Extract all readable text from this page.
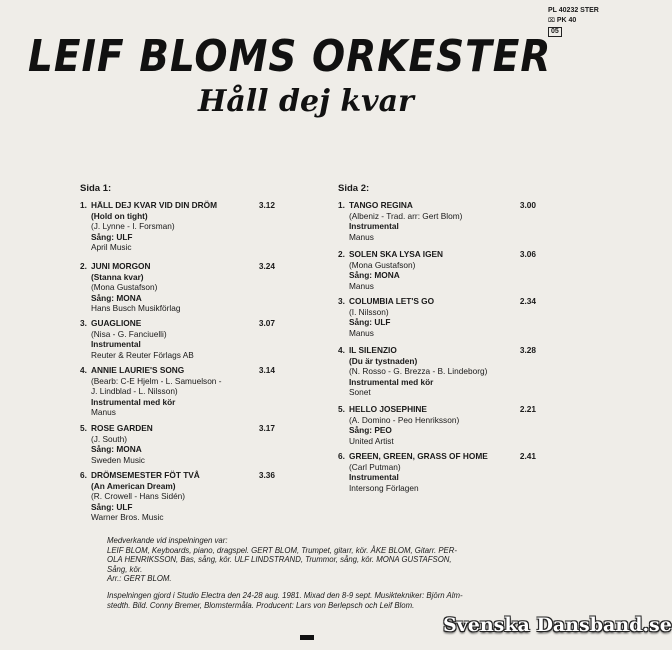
PL 40232 STER
⌧ PK 40
05
LEIF BLOMS ORKESTER
Håll dej kvar
Sida 1:	Sida 2:
1. HÄLL DEJ KVAR VID DIN DRÖM
(Hold on tight)
(J. Lynne - I. Forsman)
Sång: ULF
April Music
3.12
2. JUNI MORGON
(Stanna kvar)
(Mona Gustafson)
Sång: MONA
Hans Busch Musikförlag
3.24
3. GUAGLIONE
(Nisa - G. Fanciuelli)
Instrumental
Reuter & Reuter Förlags AB
3.07
4. ANNIE LAURIE'S SONG
(Bearb: C-E Hjelm - L. Samuelson -
J. Lindblad - L. Nilsson)
Instrumental med kör
Manus
3.14
5. ROSE GARDEN
(J. South)
Sång: MONA
Sweden Music
3.17
6. DRÖMSEMESTER FÖT TVÅ
(An American Dream)
(R. Crowell - Hans Sidén)
Sång: ULF
Warner Bros. Music
3.36
1. TANGO REGINA
(Albeniz - Trad. arr: Gert Blom)
Instrumental
Manus
3.00
2. SOLEN SKA LYSA IGEN
(Mona Gustafson)
Sång: MONA
Manus
3.06
3. COLUMBIA LET'S GO
(I. Nilsson)
Sång: ULF
Manus
2.34
4. IL SILENZIO
(Du är tystnaden)
(N. Rosso - G. Brezza - B. Lindeborg)
Instrumental med kör
Sonet
3.28
5. HELLO JOSEPHINE
(A. Domino - Peo Henriksson)
Sång: PEO
United Artist
2.21
6. GREEN, GREEN, GRASS OF HOME
(Carl Putman)
Instrumental
Intersong Förlagen
2.41

Medverkande vid inspelningen var:

LEIF BLOM, Keyboards, piano, dragspel. GERT BLOM, Trumpet, gitarr, kör. ÅKE BLOM, Gitarr. PER-

OLA HENRIKSSON, Bas, sång, kör. ULF LINDSTRAND, Trummor, sång, kör. MONA GUSTAFSON,

Sång, kör.

Arr.: GERT BLOM.

Inspelningen gjord i Studio Electra den 24-28 aug. 1981. Mixad den 8-9 sept. Musiktekniker: Björn Alm-

stedth. Bild. Conny Bremer, Blomstermåla. Producent: Lars von Berlepsch och Leif Blom.

Svenska Dansband.se
